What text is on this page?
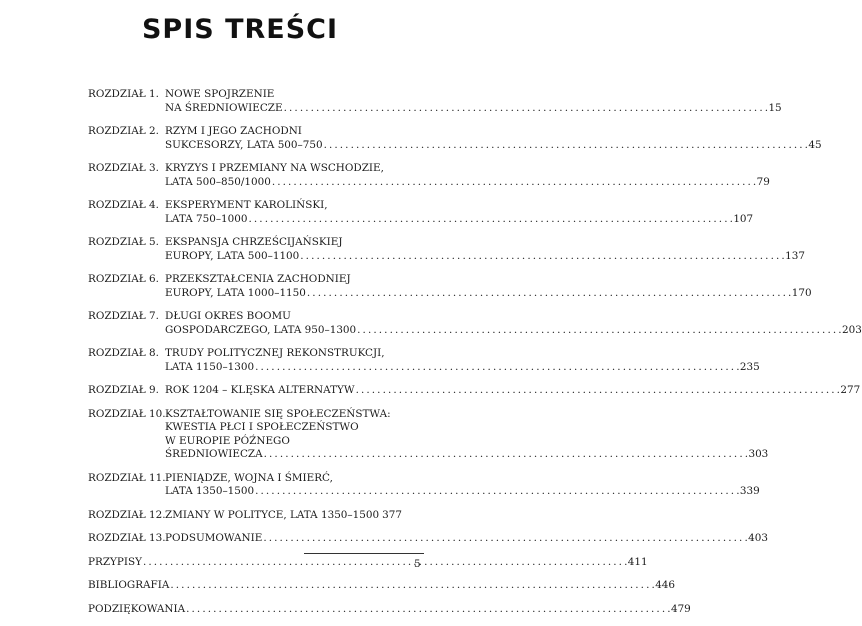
SPIS TREŚCI
ROZDZIAŁ 1. NOWE SPOJRZENIE
NA ŚREDNIOWIECZE . . .	15
ROZDZIAŁ 2. RZYM I JEGO ZACHODNI
SUKCESORZY, LATA 500–750 . . .	45
ROZDZIAŁ 3. KRYZYS I PRZEMIANY NA WSCHODZIE,
LATA 500–850/1000 . . .	79
ROZDZIAŁ 4. EKSPERYMENT KAROLIŃSKI,
LATA 750–1000 . . .	107
ROZDZIAŁ 5. EKSPANSJA CHRZEŚCIJAŃSKIEJ
EUROPY, LATA 500–1100 . . .	137
ROZDZIAŁ 6. PRZEKSZTAŁCENIA ZACHODNIEJ
EUROPY, LATA 1000–1150 . . .	170
ROZDZIAŁ 7. DŁUGI OKRES BOOMU
GOSPODARCZEGO, LATA 950–1300 . . .	203
ROZDZIAŁ 8. TRUDY POLITYCZNEJ REKONSTRUKCJI,
LATA 1150–1300 . . .	235
ROZDZIAŁ 9. ROK 1204 – KLĘSKA ALTERNATYW . . .	277
ROZDZIAŁ 10. KSZTAŁTOWANIE SIĘ SPOŁECZEŃSTWA:
KWESTIA PŁCI I SPOŁECZEŃSTWO
W EUROPIE PÓŹNEGO
ŚREDNIOWIECZA . . .	303
ROZDZIAŁ 11. PIENIĄDZE, WOJNA I ŚMIERĆ,
LATA 1350–1500 . . .	339
ROZDZIAŁ 12. ZMIANY W POLITYCE, LATA 1350–1500 . . . 377
ROZDZIAŁ 13. PODSUMOWANIE . . .	403
PRZYPISY . . .	411
BIBLIOGRAFIA . . .	446
PODZIĘKOWANIA . . .	479
5
